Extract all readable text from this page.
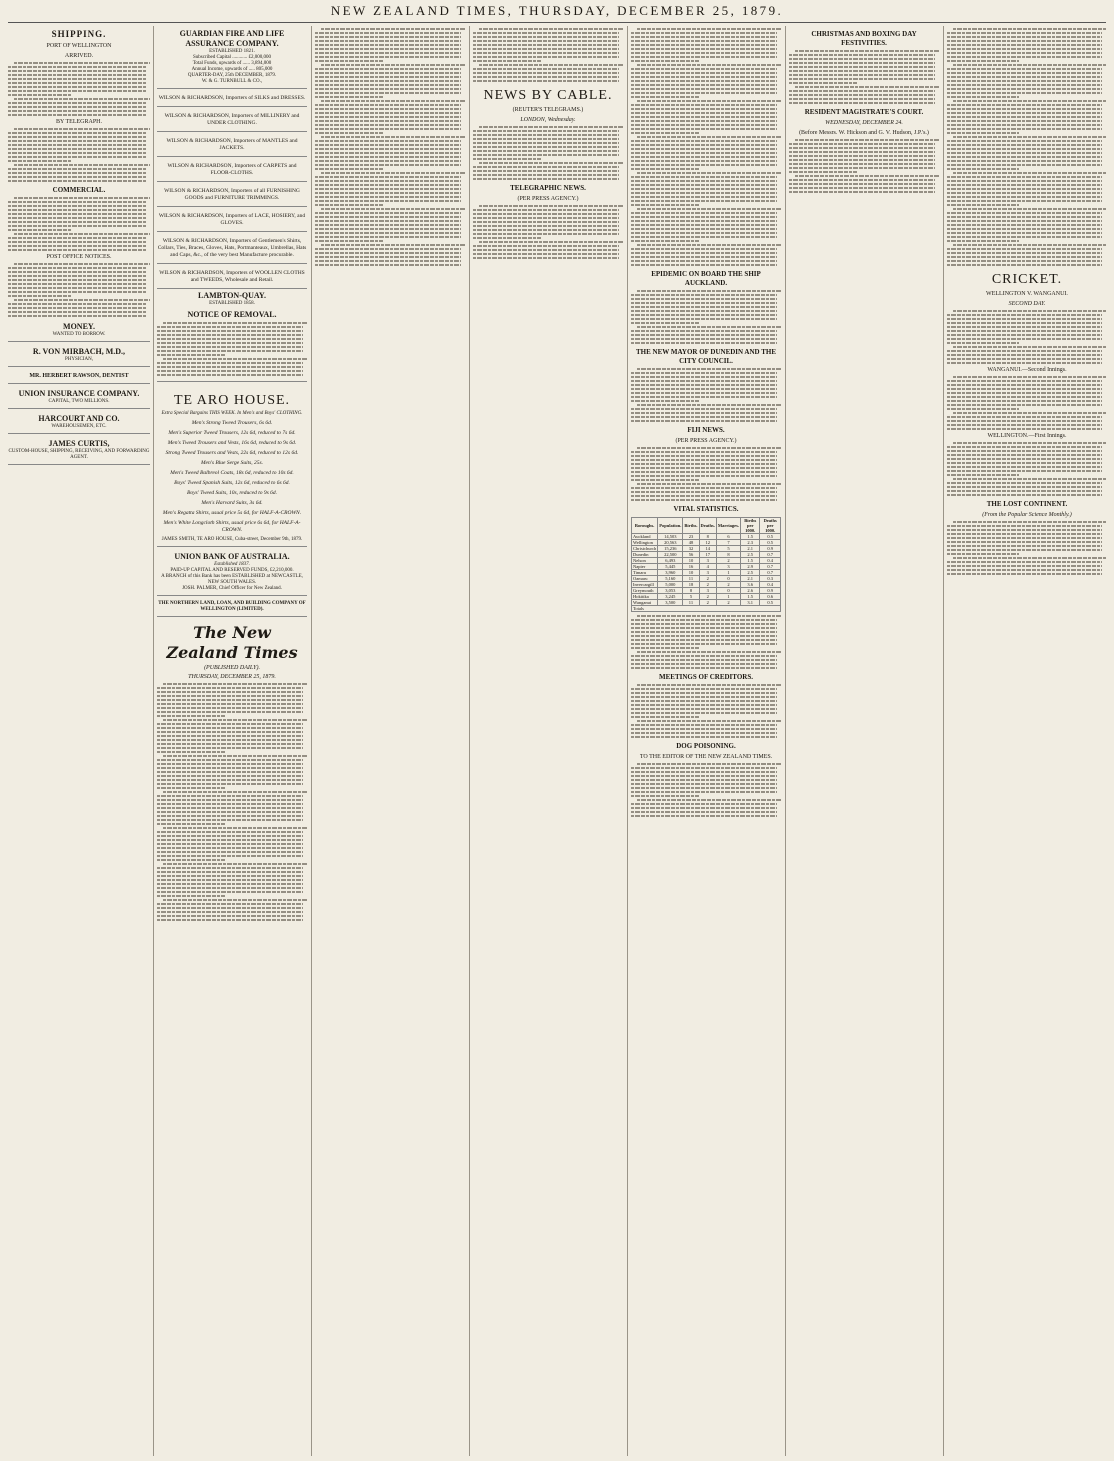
NEW ZEALAND TIMES, THURSDAY, DECEMBER 25, 1879.
SHIPPING.
PORT OF WELLINGTON
ARRIVED.
BY TELEGRAPH.
COMMERCIAL.
POST OFFICE NOTICES.
MONEY.
WANTED TO BORROW.
R. VON MIRBACH, M.D.,
PHYSICIAN,
MR. HERBERT RAWSON, DENTIST
UNION INSURANCE COMPANY.
CAPITAL, TWO MILLIONS.
HARCOURT AND CO.
WAREHOUSEMEN, ETC.
JAMES CURTIS,
CUSTOM-HOUSE, SHIPPING, RECEIVING, AND FORWARDING AGENT.
GUARDIAN FIRE AND LIFE ASSURANCE COMPANY.
ESTABLISHED 1821.
Subscribed Capital ............ £2,000,000
Total Funds, upwards of ...... 3,894,000
Annual Income, upwards of ..... 805,000
QUARTER-DAY, 25th DECEMBER, 1879.
W. & G. TURNBULL & CO.,
WILSON & RICHARDSON, Importers of SILKS and DRESSES.
WILSON & RICHARDSON, Importers of MILLINERY and UNDER CLOTHING.
WILSON & RICHARDSON, Importers of MANTLES and JACKETS.
WILSON & RICHARDSON, Importers of CARPETS and FLOOR-CLOTHS.
WILSON & RICHARDSON, Importers of all FURNISHING GOODS and FURNITURE TRIMMINGS.
WILSON & RICHARDSON, Importers of LACE, HOSIERY, and GLOVES.
WILSON & RICHARDSON, Importers of Gentlemen's Shirts, Collars, Ties, Braces, Gloves, Hats, Portmanteaux, Umbrellas, Hats and Caps, &c., of the very best Manufacture procurable.
WILSON & RICHARDSON, Importers of WOOLLEN CLOTHS and TWEEDS, Wholesale and Retail.
LAMBTON-QUAY.
ESTABLISHED 1858.
NOTICE OF REMOVAL.
TE ARO HOUSE.
Extra Special Bargains THIS WEEK. In Men's and Boys' CLOTHING.
Men's Strong Tweed Trousers, 6s 6d.
Men's Superior Tweed Trousers, 12s 6d, reduced to 7s 6d.
Men's Tweed Trousers and Vests, 16s 6d, reduced to 9s 6d.
Strong Tweed Trousers and Vests, 22s 6d, reduced to 12s 6d.
Men's Blue Serge Suits, 25s.
Men's Tweed Balbreol Coats, 18s 6d, reduced to 10s 6d.
Boys' Tweed Spanish Suits, 12s 6d, reduced to 6s 6d.
Boys' Tweed Suits, 10s, reduced to 9s 6d.
Men's Harvard Suits, 3s 6d.
Men's Regatta Shirts, usual price 5s 6d, for HALF-A-CROWN.
Men's White Longcloth Shirts, usual price 6s 6d, for HALF-A-CROWN.
JAMES SMITH, TE ARO HOUSE, Cuba-street, December 9th, 1879.
UNION BANK OF AUSTRALIA.
Established 1837.
PAID-UP CAPITAL AND RESERVED FUNDS, £2,210,000.
A BRANCH of this Bank has been ESTABLISHED at NEWCASTLE, NEW SOUTH WALES.
JOSH. PALMER, Chief Officer for New Zealand.
THE NORTHERN LAND, LOAN, AND BUILDING COMPANY OF WELLINGTON (LIMITED).
The New Zealand Times
(PUBLISHED DAILY).
THURSDAY, DECEMBER 25, 1879.
NEWS BY CABLE.
(REUTER'S TELEGRAMS.)
LONDON, Wednesday.
TELEGRAPHIC NEWS.
(PER PRESS AGENCY.)
EPIDEMIC ON BOARD THE SHIP AUCKLAND.
THE NEW MAYOR OF DUNEDIN AND THE CITY COUNCIL.
FIJI NEWS.
(PER PRESS AGENCY.)
VITAL STATISTICS.
Boroughs.	Population.	Births.	Deaths.	Marriages.	Births per 1000.	Deaths per 1000.
Auckland	14,503	23	8	6	1.5	0.5
Wellington	20,563	48	12	7	2.3	0.5
Christchurch	15,236	32	14	5	2.1	0.9
Dunedin	22,500	56	17	8	2.5	0.7
Nelson	6,493	10	3	2	1.5	0.4
Napier	5,445	16	4	3	2.9	0.7
Timaru	3,960	10	3	1	2.5	0.7
Oamaru	5,160	11	2	0	2.1	0.3
Invercargill	5,000	18	2	2	3.6	0.4
Greymouth	3,053	8	3	0	2.6	0.9
Hokitika	3,245	5	2	1	1.5	0.6
Wanganui	3,500	11	2	2	3.1	0.5
Totals						
MEETINGS OF CREDITORS.
DOG POISONING.
TO THE EDITOR OF THE NEW ZEALAND TIMES.
CHRISTMAS AND BOXING DAY FESTIVITIES.
RESIDENT MAGISTRATE'S COURT.
WEDNESDAY, DECEMBER 24.
(Before Messrs. W. Hickson and G. V. Hudson, J.P.'s.)
CRICKET.
WELLINGTON V. WANGANUI.
SECOND DAY.
WANGANUI.—Second Innings.
WELLINGTON.—First Innings.
THE LOST CONTINENT.
(From the Popular Science Monthly.)
